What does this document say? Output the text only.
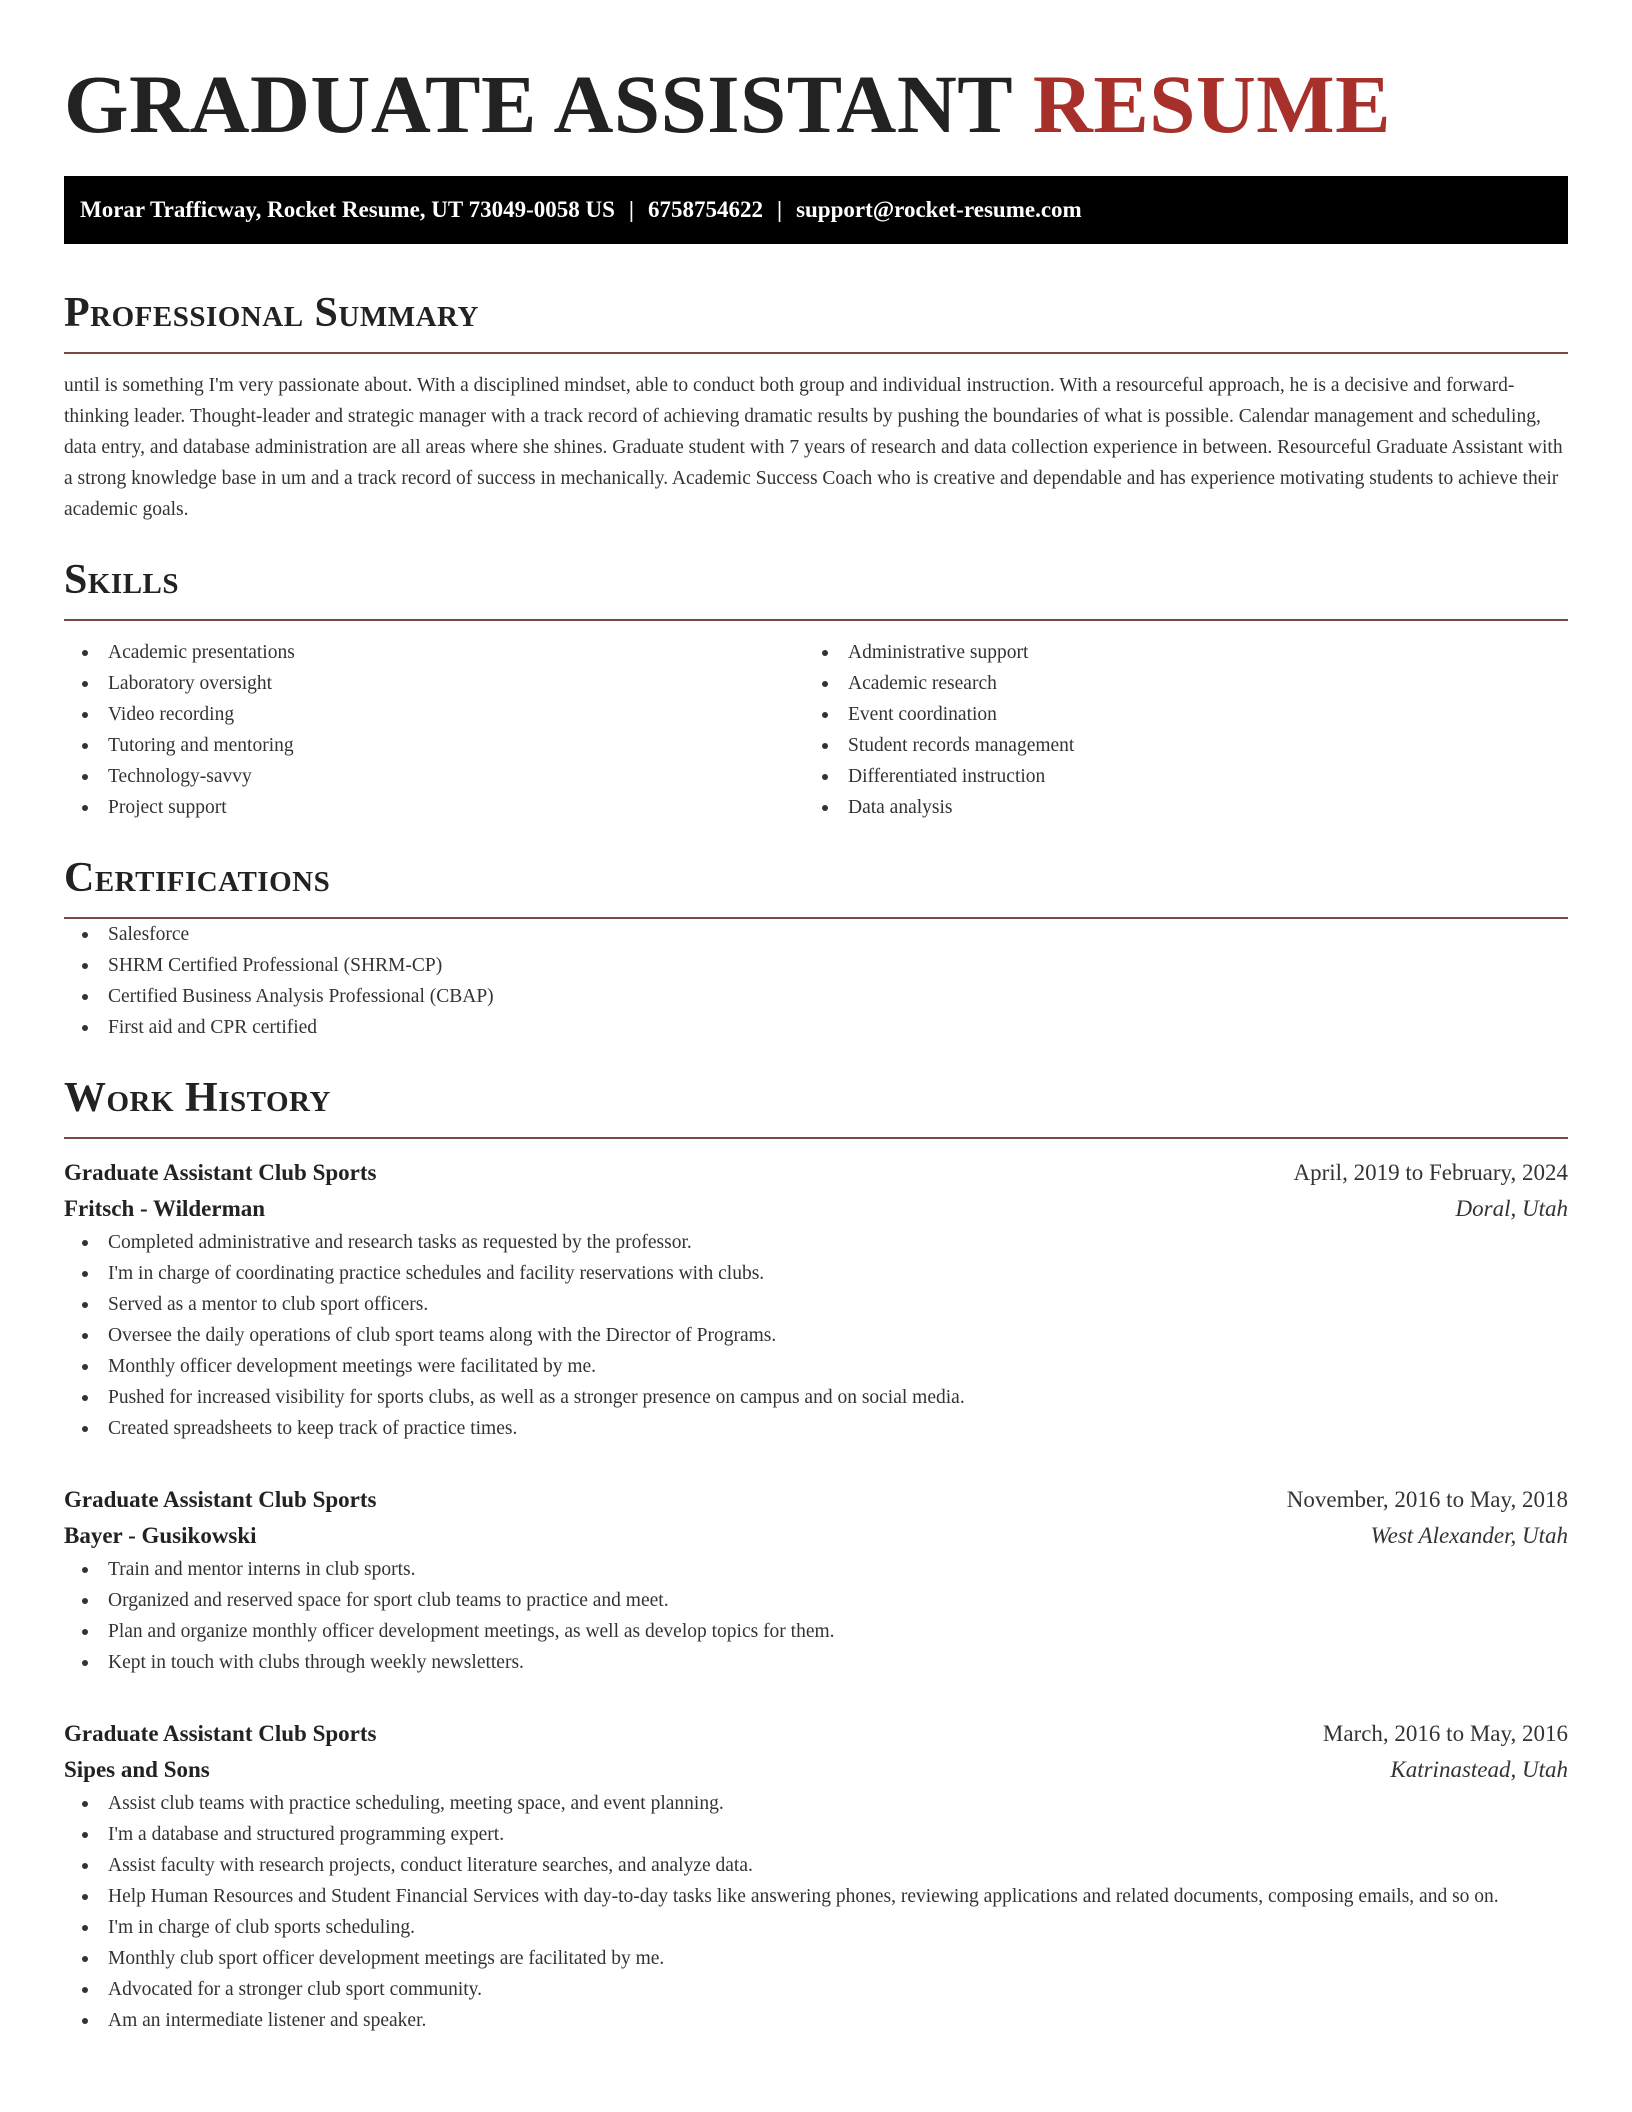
GRADUATE ASSISTANT RESUME
Morar Trafficway, Rocket Resume, UT 73049-0058 US | 6758754622 | support@rocket-resume.com
Professional Summary

until is something I'm very passionate about. With a disciplined mindset, able to conduct both group and individual instruction. With a resourceful approach, he is a decisive and forward-thinking leader. Thought-leader and strategic manager with a track record of achieving dramatic results by pushing the boundaries of what is possible. Calendar management and scheduling, data entry, and database administration are all areas where she shines. Graduate student with 7 years of research and data collection experience in between. Resourceful Graduate Assistant with a strong knowledge base in um and a track record of success in mechanically. Academic Success Coach who is creative and dependable and has experience motivating students to achieve their academic goals.

Skills
Academic presentations
Laboratory oversight
Video recording
Tutoring and mentoring
Technology-savvy
Project support
Administrative support
Academic research
Event coordination
Student records management
Differentiated instruction
Data analysis
Certifications
Salesforce
SHRM Certified Professional (SHRM-CP)
Certified Business Analysis Professional (CBAP)
First aid and CPR certified
Work History
Graduate Assistant Club Sports	April, 2019 to February, 2024
Fritsch - Wilderman	Doral, Utah
Completed administrative and research tasks as requested by the professor.
I'm in charge of coordinating practice schedules and facility reservations with clubs.
Served as a mentor to club sport officers.
Oversee the daily operations of club sport teams along with the Director of Programs.
Monthly officer development meetings were facilitated by me.
Pushed for increased visibility for sports clubs, as well as a stronger presence on campus and on social media.
Created spreadsheets to keep track of practice times.
Graduate Assistant Club Sports	November, 2016 to May, 2018
Bayer - Gusikowski	West Alexander, Utah
Train and mentor interns in club sports.
Organized and reserved space for sport club teams to practice and meet.
Plan and organize monthly officer development meetings, as well as develop topics for them.
Kept in touch with clubs through weekly newsletters.
Graduate Assistant Club Sports	March, 2016 to May, 2016
Sipes and Sons	Katrinastead, Utah
Assist club teams with practice scheduling, meeting space, and event planning.
I'm a database and structured programming expert.
Assist faculty with research projects, conduct literature searches, and analyze data.
Help Human Resources and Student Financial Services with day-to-day tasks like answering phones, reviewing applications and related documents, composing emails, and so on.
I'm in charge of club sports scheduling.
Monthly club sport officer development meetings are facilitated by me.
Advocated for a stronger club sport community.
Am an intermediate listener and speaker.
